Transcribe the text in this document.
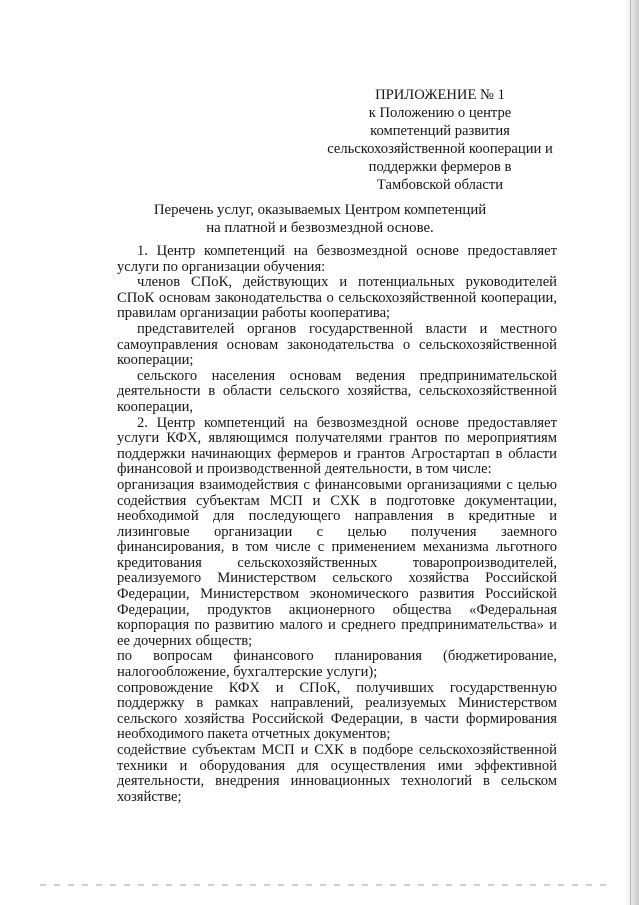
ПРИЛОЖЕНИЕ № 1
к Положению о центре
компетенций развития
сельскохозяйственной кооперации и
поддержки фермеров в
Тамбовской области
Перечень услуг, оказываемых Центром компетенций
на платной и безвозмездной основе.

1. Центр компетенций на безвозмездной основе предоставляет услуги по организации обучения:

членов СПоК, действующих и потенциальных руководителей СПоК основам законодательства о сельскохозяйственной кооперации, правилам организации работы кооператива;

представителей органов государственной власти и местного самоуправления основам законодательства о сельскохозяйственной кооперации;

сельского населения основам ведения предпринимательской деятельности в области сельского хозяйства, сельскохозяйственной кооперации,

2. Центр компетенций на безвозмездной основе предоставляет услуги КФХ, являющимся получателями грантов по мероприятиям поддержки начинающих фермеров и грантов Агростартап в области финансовой и производственной деятельности, в том числе:

организация взаимодействия с финансовыми организациями с целью содействия субъектам МСП и СХК в подготовке документации, необходимой для последующего направления в кредитные и лизинговые организации с целью получения заемного финансирования, в том числе с применением механизма льготного кредитования сельскохозяйственных товаропроизводителей, реализуемого Министерством сельского хозяйства Российской Федерации, Министерством экономического развития Российской Федерации, продуктов акционерного общества «Федеральная корпорация по развитию малого и среднего предпринимательства» и ее дочерних обществ;

по вопросам финансового планирования (бюджетирование, налогообложение, бухгалтерские услуги);

сопровождение КФХ и СПоК, получивших государственную поддержку в рамках направлений, реализуемых Министерством сельского хозяйства Российской Федерации, в части формирования необходимого пакета отчетных документов;

содействие субъектам МСП и СХК в подборе сельскохозяйственной техники и оборудования для осуществления ими эффективной деятельности, внедрения инновационных технологий в сельском хозяйстве;
